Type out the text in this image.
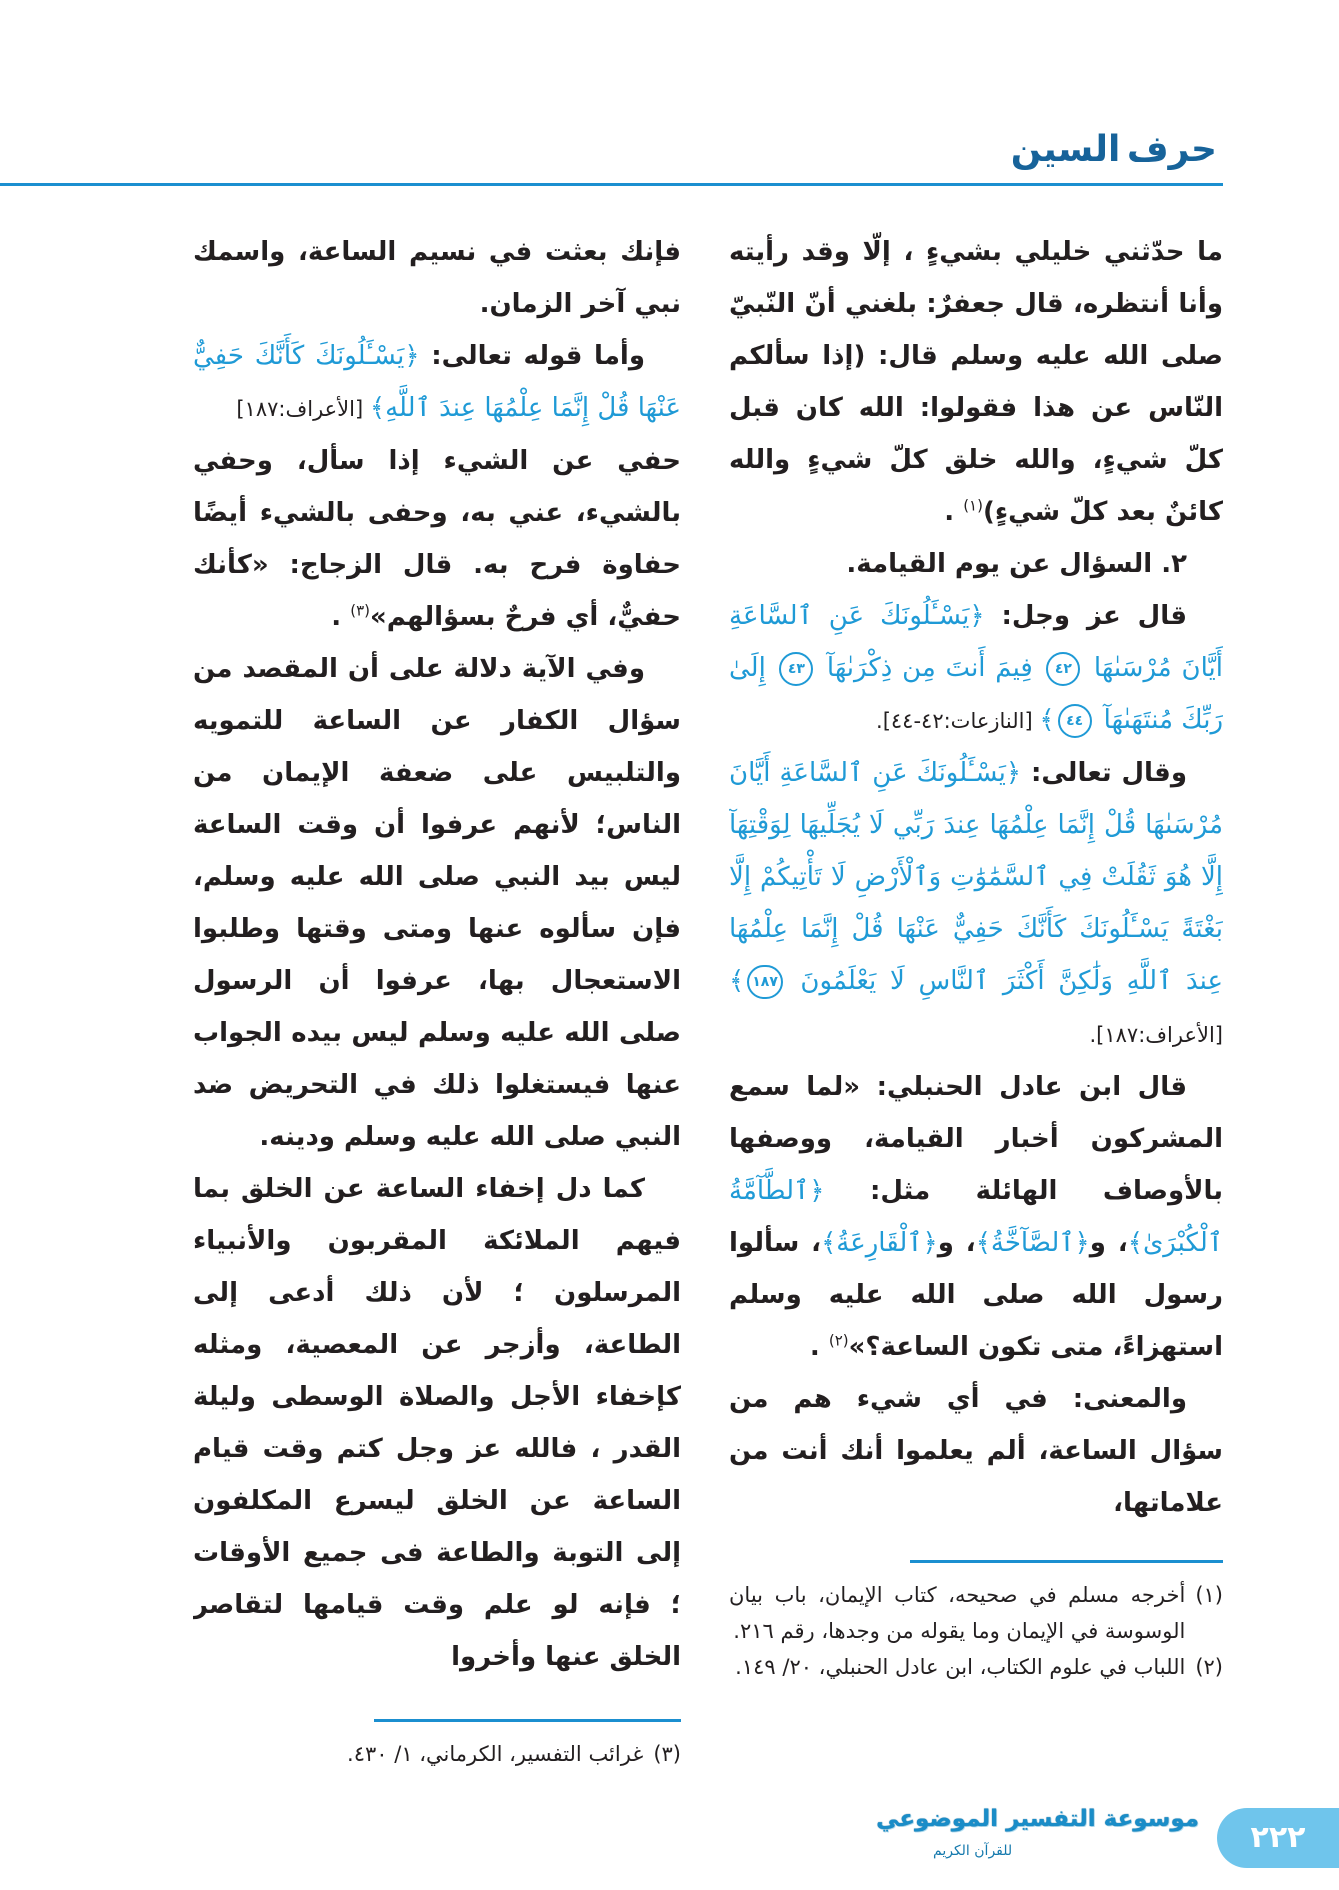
حرف السين

ما حدّثني خليلي بشيءٍ ، إلّا وقد رأيته وأنا أنتظره، قال جعفرٌ: بلغني أنّ النّبيّ صلى الله عليه وسلم قال: (إذا سألكم النّاس عن هذا فقولوا: الله كان قبل كلّ شيءٍ، والله خلق كلّ شيءٍ والله كائنٌ بعد كلّ شيءٍ)$^{(١)}$ .

٢. السؤال عن يوم القيامة.

قال عز وجل: ﴿يَسْـَٔلُونَكَ عَنِ ٱلسَّاعَةِ أَيَّانَ مُرْسَىٰهَا ٤٢ فِيمَ أَنتَ مِن ذِكْرَىٰهَآ ٤٣ إِلَىٰ رَبِّكَ مُنتَهَىٰهَآ ٤٤﴾ [النازعات:٤٢-٤٤].

وقال تعالى: ﴿يَسْـَٔلُونَكَ عَنِ ٱلسَّاعَةِ أَيَّانَ مُرْسَىٰهَا قُلْ إِنَّمَا عِلْمُهَا عِندَ رَبِّي لَا يُجَلِّيهَا لِوَقْتِهَآ إِلَّا هُوَ ثَقُلَتْ فِي ٱلسَّمَٰوَٰتِ وَٱلْأَرْضِ لَا تَأْتِيكُمْ إِلَّا بَغْتَةً يَسْـَٔلُونَكَ كَأَنَّكَ حَفِيٌّ عَنْهَا قُلْ إِنَّمَا عِلْمُهَا عِندَ ٱللَّهِ وَلَٰكِنَّ أَكْثَرَ ٱلنَّاسِ لَا يَعْلَمُونَ ١٨٧﴾ [الأعراف:١٨٧].

قال ابن عادل الحنبلي: «لما سمع المشركون أخبار القيامة، ووصفها بالأوصاف الهائلة مثل: ﴿ٱلطَّآمَّةُ ٱلْكُبْرَىٰ﴾، و﴿ٱلصَّآخَّةُ﴾، و﴿ٱلْقَارِعَةُ﴾، سألوا رسول الله صلى الله عليه وسلم استهزاءً، متى تكون الساعة؟»$^{(٢)}$ .

والمعنى: في أي شيء هم من سؤال الساعة، ألم يعلموا أنك أنت من علاماتها،

(١)
أخرجه مسلم في صحيحه، كتاب الإيمان، باب بيان الوسوسة في الإيمان وما يقوله من وجدها، رقم ٢١٦.
(٢)
اللباب في علوم الكتاب، ابن عادل الحنبلي، ٢٠/ ١٤٩.

فإنك بعثت في نسيم الساعة، واسمك نبي آخر الزمان.

وأما قوله تعالى: ﴿يَسْـَٔلُونَكَ كَأَنَّكَ حَفِيٌّ عَنْهَا قُلْ إِنَّمَا عِلْمُهَا عِندَ ٱللَّهِ﴾ [الأعراف:١٨٧]

حفي عن الشيء إذا سأل، وحفي بالشيء، عني به، وحفى بالشيء أيضًا حفاوة فرح به. قال الزجاج: «كأنك حفيٌّ، أي فرحٌ بسؤالهم»$^{(٣)}$ .

وفي الآية دلالة على أن المقصد من سؤال الكفار عن الساعة للتمويه والتلبيس على ضعفة الإيمان من الناس؛ لأنهم عرفوا أن وقت الساعة ليس بيد النبي صلى الله عليه وسلم، فإن سألوه عنها ومتى وقتها وطلبوا الاستعجال بها، عرفوا أن الرسول صلى الله عليه وسلم ليس بيده الجواب عنها فيستغلوا ذلك في التحريض ضد النبي صلى الله عليه وسلم ودينه.

كما دل إخفاء الساعة عن الخلق بما فيهم الملائكة المقربون والأنبياء المرسلون ؛ لأن ذلك أدعى إلى الطاعة، وأزجر عن المعصية، ومثله كإخفاء الأجل والصلاة الوسطى وليلة القدر ، فالله عز وجل كتم وقت قيام الساعة عن الخلق ليسرع المكلفون إلى التوبة والطاعة فى جميع الأوقات ؛ فإنه لو علم وقت قيامها لتقاصر الخلق عنها وأخروا

(٣)
غرائب التفسير، الكرماني، ١/ ٤٣٠.
موسوعة التفسير الموضوعي
للقرآن الكريم	٢٢٢
